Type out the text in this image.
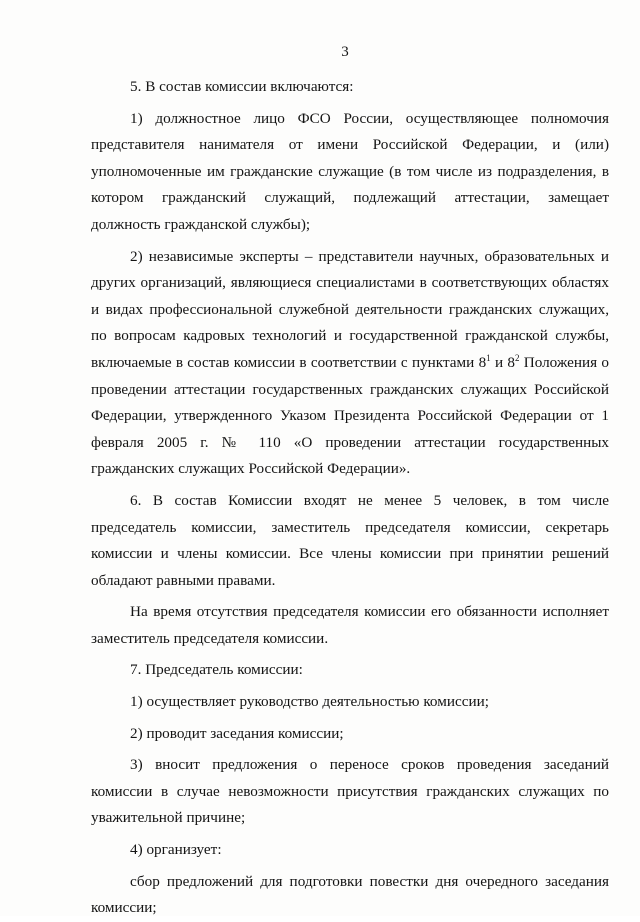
3

5. В состав комиссии включаются:

1) должностное лицо ФСО России, осуществляющее полномочия представителя нанимателя от имени Российской Федерации, и (или) уполномоченные им гражданские служащие (в том числе из подразделения, в котором гражданский служащий, подлежащий аттестации, замещает должность гражданской службы);

2) независимые эксперты – представители научных, образовательных и других организаций, являющиеся специалистами в соответствующих областях и видах профессиональной служебной деятельности гражданских служащих, по вопросам кадровых технологий и государственной гражданской службы, включаемые в состав комиссии в соответствии с пунктами $8^1$ и $8^2$ Положения о проведении аттестации государственных гражданских служащих Российской Федерации, утвержденного Указом Президента Российской Федерации от 1 февраля 2005 г. № 110 «О проведении аттестации государственных гражданских служащих Российской Федерации».

6. В состав Комиссии входят не менее 5 человек, в том числе председатель комиссии, заместитель председателя комиссии, секретарь комиссии и члены комиссии. Все члены комиссии при принятии решений обладают равными правами.

На время отсутствия председателя комиссии его обязанности исполняет заместитель председателя комиссии.

7. Председатель комиссии:

1) осуществляет руководство деятельностью комиссии;

2) проводит заседания комиссии;

3) вносит предложения о переносе сроков проведения заседаний комиссии в случае невозможности присутствия гражданских служащих по уважительной причине;

4) организует:

сбор предложений для подготовки повестки дня очередного заседания комиссии;
